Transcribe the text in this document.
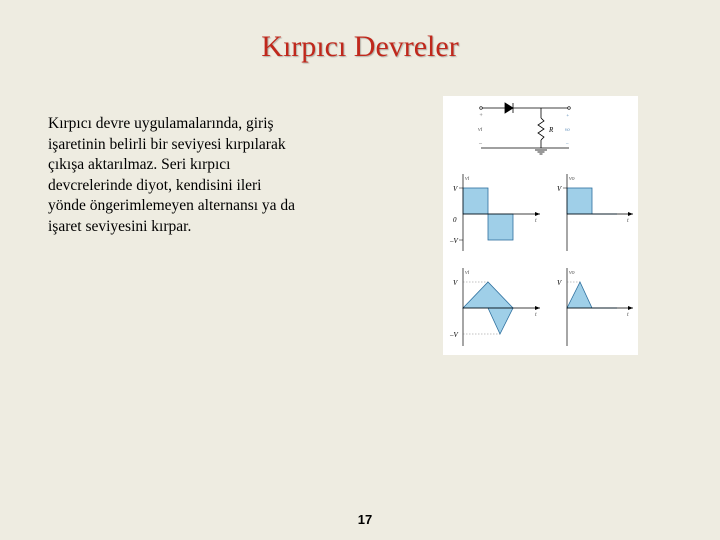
Kırpıcı Devreler

Kırpıcı devre uygulamalarında, giriş
işaretinin belirli bir seviyesi kırpılarak
çıkışa aktarılmaz. Seri kırpıcı
devcrelerinde diyot, kendisini ileri
yönde öngerimlemeyen alternansı ya da
işaret seviyesini kırpar.

+
vi
–
R
+
vo
–
vi
V
0
–V
t
vo
V
t
vi
V
–V
t
vo
V
t
17
